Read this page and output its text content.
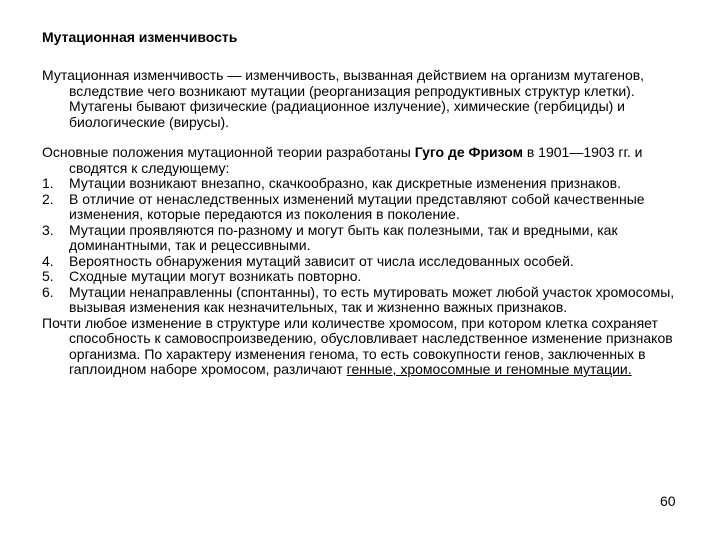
Мутационная изменчивость

Мутационная изменчивость — изменчивость, вызванная действием на организм мутагенов, вследствие чего возникают мутации (реорганизация репродуктивных структур клетки). Мутагены бывают физические (радиационное излучение), химические (гербициды) и биологические (вирусы).

Основные положения мутационной теории разработаны Гуго де Фризом в 1901—1903 гг. и сводятся к следующему:

1. Мутации возникают внезапно, скачкообразно, как дискретные изменения признаков.

2. В отличие от ненаследственных изменений мутации представляют собой качественные изменения, которые передаются из поколения в поколение.

3. Мутации проявляются по-разному и могут быть как полезными, так и вредными, как доминантными, так и рецессивными.

4. Вероятность обнаружения мутаций зависит от числа исследованных особей.

5. Сходные мутации могут возникать повторно.

6. Мутации ненаправленны (спонтанны), то есть мутировать может любой участок хромосомы, вызывая изменения как незначительных, так и жизненно важных признаков.

Почти любое изменение в структуре или количестве хромосом, при котором клетка сохраняет способность к самовоспроизведению, обусловливает наследственное изменение признаков организма. По характеру изменения генома, то есть совокупности генов, заключенных в гаплоидном наборе хромосом, различают генные, хромосомные и геномные мутации.

60
